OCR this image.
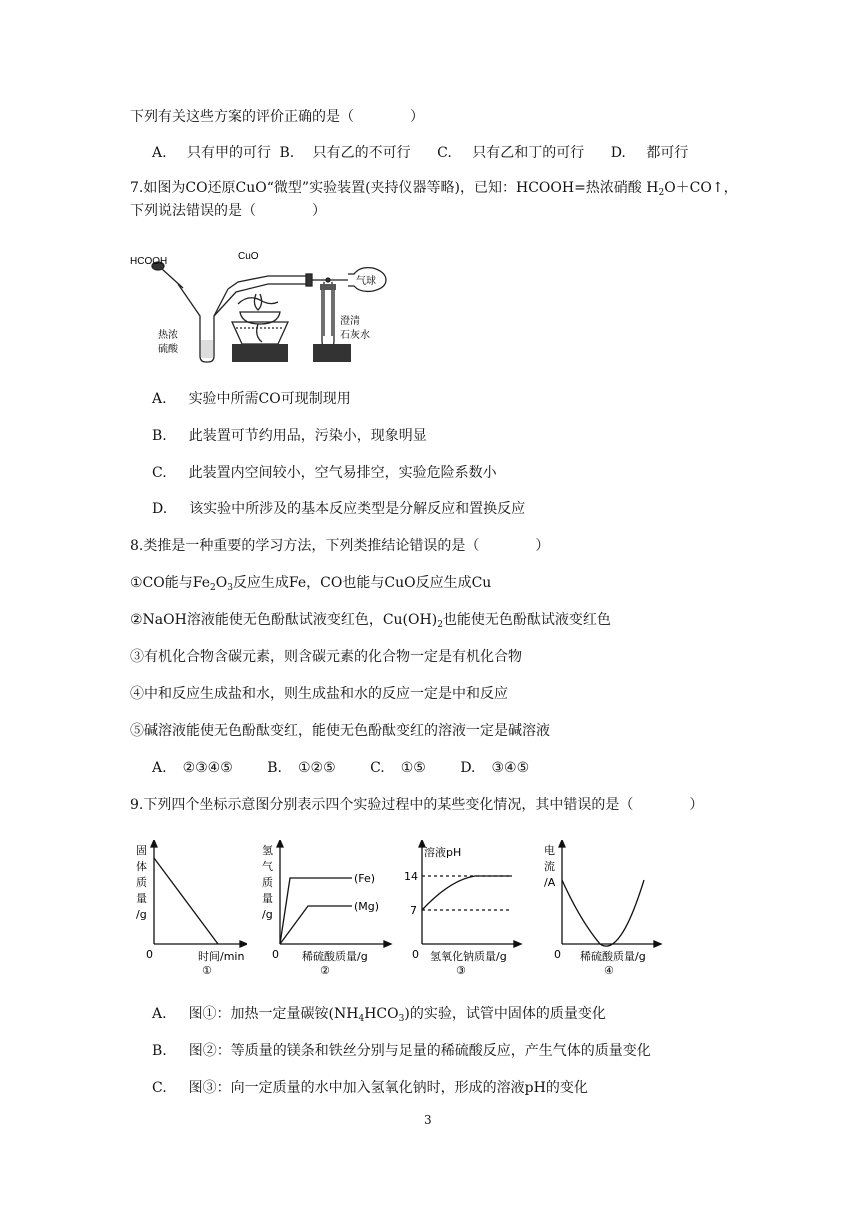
下列有关这些方案的评价正确的是（　　　　）
A. 只有甲的可行 B. 只有乙的不可行 C. 只有乙和丁的可行 D. 都可行
7.如图为CO还原CuO“微型”实验装置(夹持仪器等略)，已知：HCOOH=热浓硝酸 $H_2O+CO↑$，
下列说法错误的是（　　　　）
HCOOH	CuO
气球
热浓
硫酸
澄清
石灰水
A. 实验中所需CO可现制现用
B. 此装置可节约用品，污染小，现象明显
C. 此装置内空间较小，空气易排空，实验危险系数小
D. 该实验中所涉及的基本反应类型是分解反应和置换反应
8.类推是一种重要的学习方法，下列类推结论错误的是（　　　　）
①CO能与$Fe_2O_3$反应生成Fe，CO也能与CuO反应生成Cu
②NaOH溶液能使无色酚酞试液变红色，$Cu(OH)_2$也能使无色酚酞试液变红色
③有机化合物含碳元素，则含碳元素的化合物一定是有机化合物
④中和反应生成盐和水，则生成盐和水的反应一定是中和反应
⑤碱溶液能使无色酚酞变红，能使无色酚酞变红的溶液一定是碱溶液
A. ②③④⑤ B. ①②⑤ C. ①⑤ D. ③④⑤
9.下列四个坐标示意图分别表示四个实验过程中的某些变化情况，其中错误的是（　　　　）
固
体
质
量
/g
0	时间/min
①
氢
气
质
量
/g
0
(Fe)
(Mg)
稀硫酸质量/g
②
溶液pH
14
7
0 氢氧化钠质量/g
③
电
流
/A
0 稀硫酸质量/g
④
A. 图①：加热一定量碳铵$(NH_4HCO_3)$的实验，试管中固体的质量变化
B. 图②：等质量的镁条和铁丝分别与足量的稀硫酸反应，产生气体的质量变化
C. 图③：向一定质量的水中加入氢氧化钠时，形成的溶液pH的变化
3
